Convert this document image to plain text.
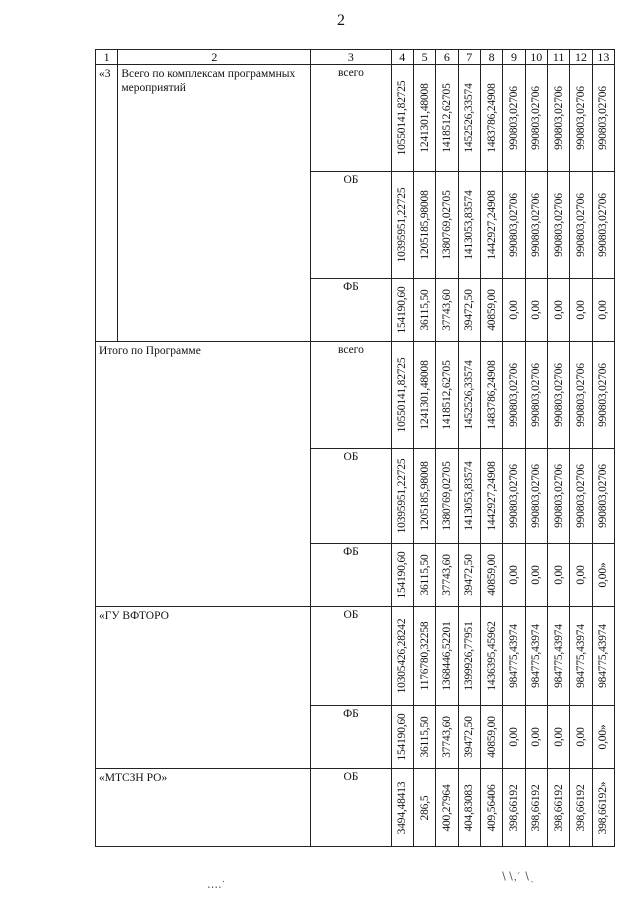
2
1	2	3	4	5	6	7	8	9	10	11	12	13
«3	Всего по комплексам программных мероприятий	всего	10550141,82725	1241301,48008	1418512,62705	1452526,33574	1483786,24908	990803,02706	990803,02706	990803,02706	990803,02706	990803,02706

		ОБ	10395951,22725	1205185,98008	1380769,02705	1413053,83574	1442927,24908	990803,02706	990803,02706	990803,02706	990803,02706	990803,02706

		ФБ	154190,60	36115,50	37743,60	39472,50	40859,00	0,00	0,00	0,00	0,00	0,00

Итого по Программе		всего	10550141,82725	1241301,48008	1418512,62705	1452526,33574	1483786,24908	990803,02706	990803,02706	990803,02706	990803,02706	990803,02706

		ОБ	10395951,22725	1205185,98008	1380769,02705	1413053,83574	1442927,24908	990803,02706	990803,02706	990803,02706	990803,02706	990803,02706

		ФБ	154190,60	36115,50	37743,60	39472,50	40859,00	0,00	0,00	0,00	0,00	0,00»

«ГУ ВФТОРО		ОБ	10305426,28242	1176780,32258	1368446,52201	1399926,77951	1436395,45962	984775,43974	984775,43974	984775,43974	984775,43974	984775,43974

		ФБ	154190,60	36115,50	37743,60	39472,50	40859,00	0,00	0,00	0,00	0,00	0,00»

«МТСЗН РО»		ОБ	3494,48413	286,5	400,27964	404,83083	409,56406	398,66192	398,66192	398,66192	398,66192	398,66192»
‥‥˙
∖∖,ˊ ∖ˎ
